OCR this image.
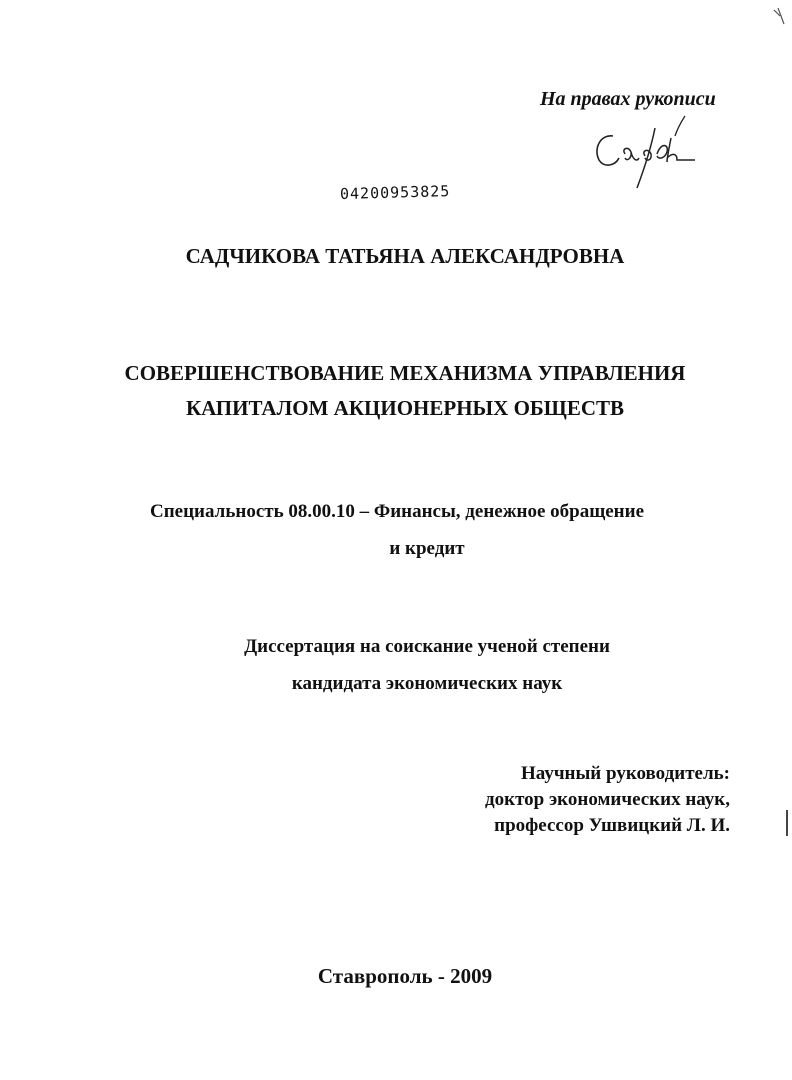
На правах рукописи
04200953825
САДЧИКОВА ТАТЬЯНА АЛЕКСАНДРОВНА
СОВЕРШЕНСТВОВАНИЕ МЕХАНИЗМА УПРАВЛЕНИЯ
КАПИТАЛОМ АКЦИОНЕРНЫХ ОБЩЕСТВ
Специальность 08.00.10 – Финансы, денежное обращение
и кредит
Диссертация на соискание ученой степени
кандидата экономических наук
Научный руководитель:
доктор экономических наук,
профессор Ушвицкий Л. И.
Ставрополь - 2009
